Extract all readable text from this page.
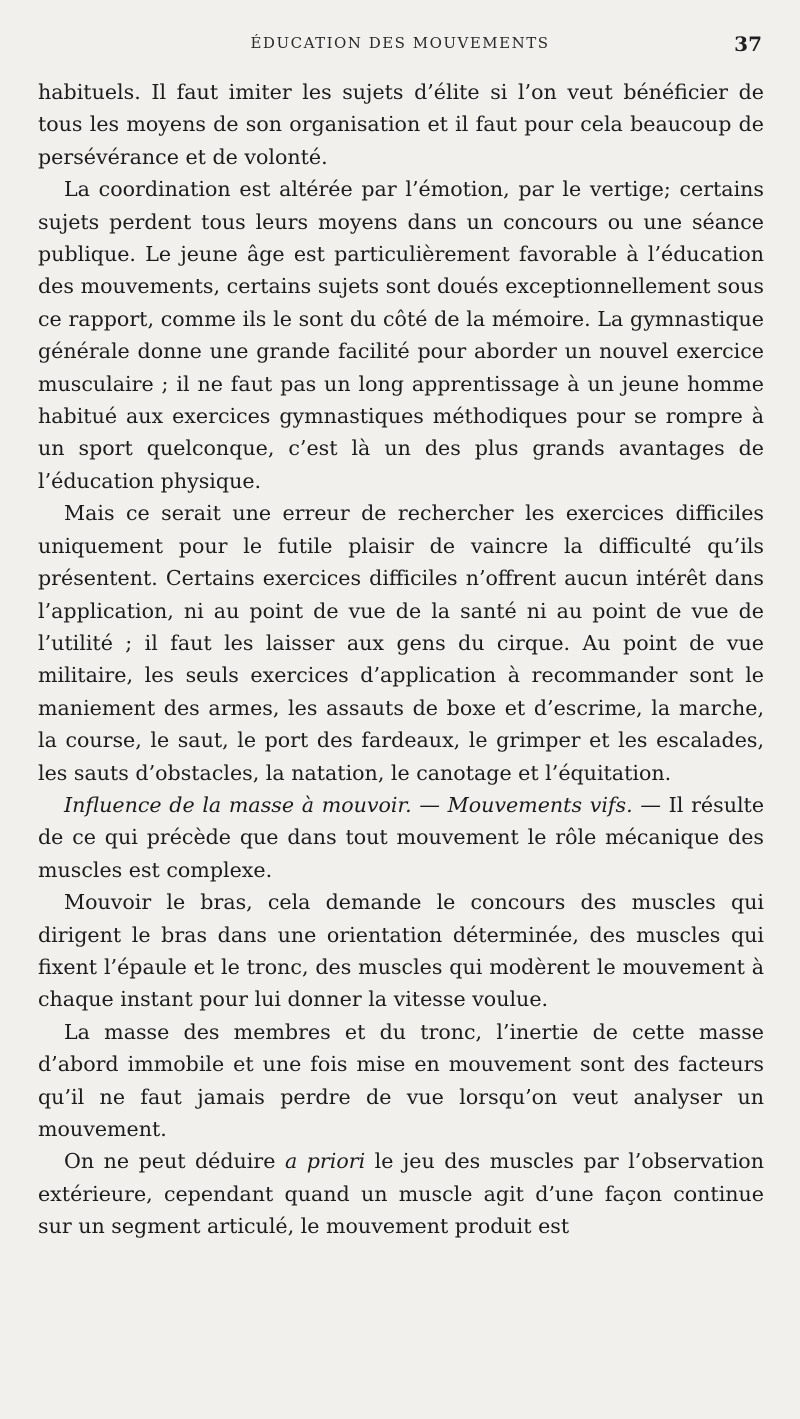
ÉDUCATION DES MOUVEMENTS	37

habituels. Il faut imiter les sujets d’élite si l’on veut bénéficier de tous les moyens de son organisation et il faut pour cela beaucoup de persévérance et de volonté.

La coordination est altérée par l’émotion, par le vertige; certains sujets perdent tous leurs moyens dans un concours ou une séance publique. Le jeune âge est particulièrement favorable à l’éducation des mouvements, certains sujets sont doués exceptionnellement sous ce rapport, comme ils le sont du côté de la mémoire. La gymnastique générale donne une grande facilité pour aborder un nouvel exercice musculaire ; il ne faut pas un long apprentissage à un jeune homme habitué aux exercices gymnastiques méthodiques pour se rompre à un sport quelconque, c’est là un des plus grands avantages de l’éducation physique.

Mais ce serait une erreur de rechercher les exercices difficiles uniquement pour le futile plaisir de vaincre la difficulté qu’ils présentent. Certains exercices difficiles n’offrent aucun intérêt dans l’application, ni au point de vue de la santé ni au point de vue de l’utilité ; il faut les laisser aux gens du cirque. Au point de vue militaire, les seuls exercices d’application à recommander sont le maniement des armes, les assauts de boxe et d’escrime, la marche, la course, le saut, le port des fardeaux, le grimper et les escalades, les sauts d’obstacles, la natation, le canotage et l’équitation.

Influence de la masse à mouvoir. — Mouvements vifs. — Il résulte de ce qui précède que dans tout mouvement le rôle mécanique des muscles est complexe.

Mouvoir le bras, cela demande le concours des muscles qui dirigent le bras dans une orientation déterminée, des muscles qui fixent l’épaule et le tronc, des muscles qui modèrent le mouvement à chaque instant pour lui donner la vitesse voulue.

La masse des membres et du tronc, l’inertie de cette masse d’abord immobile et une fois mise en mouvement sont des facteurs qu’il ne faut jamais perdre de vue lorsqu’on veut analyser un mouvement.

On ne peut déduire a priori le jeu des muscles par l’observation extérieure, cependant quand un muscle agit d’une façon continue sur un segment articulé, le mouvement produit est
